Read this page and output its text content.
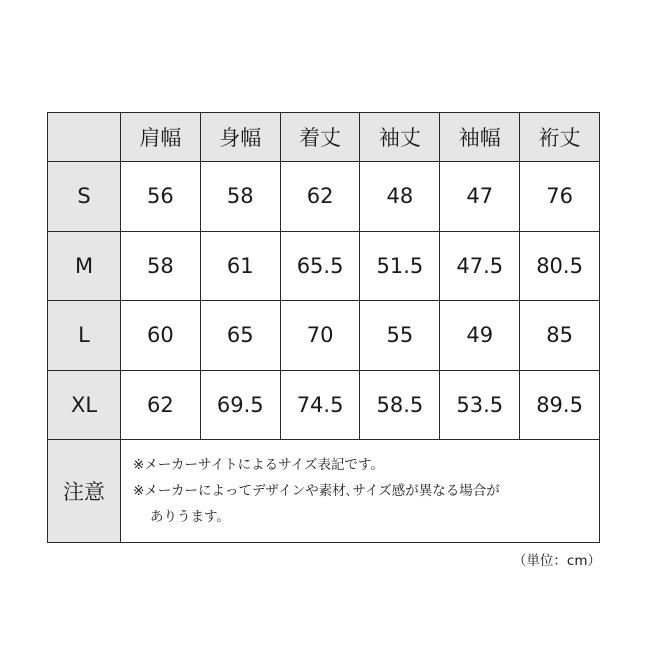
	肩幅	身幅	着丈	袖丈	袖幅	裄丈
S	56	58	62	48	47	76
M	58	61	65.5	51.5	47.5	80.5
L	60	65	70	55	49	85
XL	62	69.5	74.5	58.5	53.5	89.5
注意	※メーカーサイトによるサイズ表記です。
※メーカーによってデザインや素材､サイズ感が異なる場合が
ありうます。					
（単位：cm）
